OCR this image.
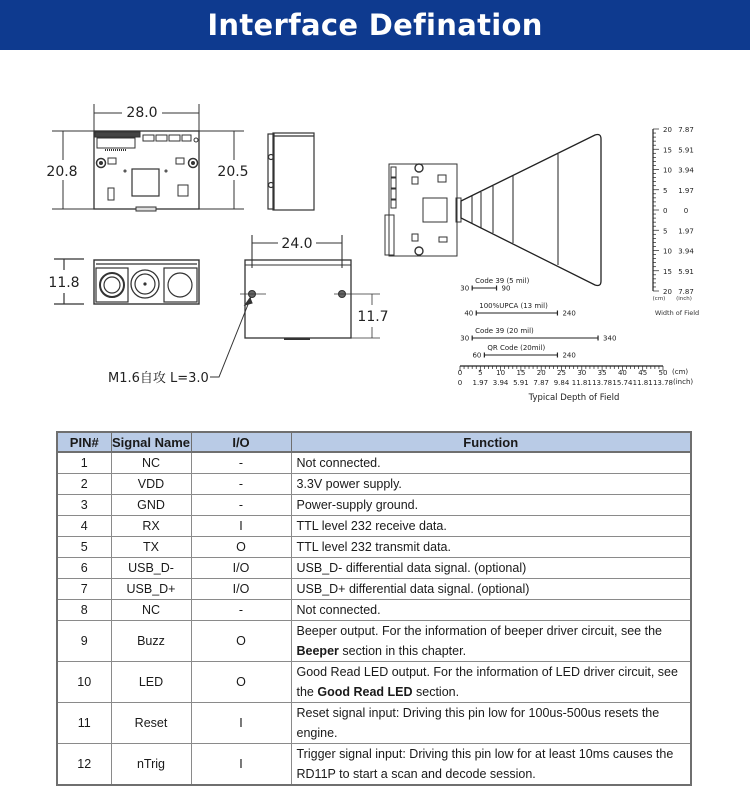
Interface Defination
28.0
20.8	20.5
11.8
24.0
11.7
M1.6自攻 L=3.0
20 7.87
15 5.91
10 3.94
5 1.97
0 0
5 1.97
10 3.94
15 5.91
20 7.87
(cm) (inch)
Width of Field
30	90
Code 39 (5 mil)
40	240
100%UPCA (13 mil)
30	340
Code 39 (20 mil)
60	240
QR Code (20mil)
0
0
5
1.97
10
3.94
15
5.91
20
7.87
25
9.84
30
11.81
35
13.78
40
15.74
45
11.81
50
13.78
(cm)
(inch)
Typical Depth of Field
PIN#	Signal Name	I/O	Function
1	NC	-	Not connected.
2	VDD	-	3.3V power supply.
3	GND	-	Power-supply ground.
4	RX	I	TTL level 232 receive data.
5	TX	O	TTL level 232 transmit data.
6	USB_D-	I/O	USB_D- differential data signal. (optional)
7	USB_D+	I/O	USB_D+ differential data signal. (optional)
8	NC	-	Not connected.
9	Buzz	O	Beeper output. For the information of beeper driver circuit, see the Beeper section in this chapter.
10	LED	O	Good Read LED output. For the information of LED driver circuit, see the Good Read LED section.
11	Reset	I	Reset signal input: Driving this pin low for 100us-500us resets the engine.
12	nTrig	I	Trigger signal input: Driving this pin low for at least 10ms causes the RD11P to start a scan and decode session.
